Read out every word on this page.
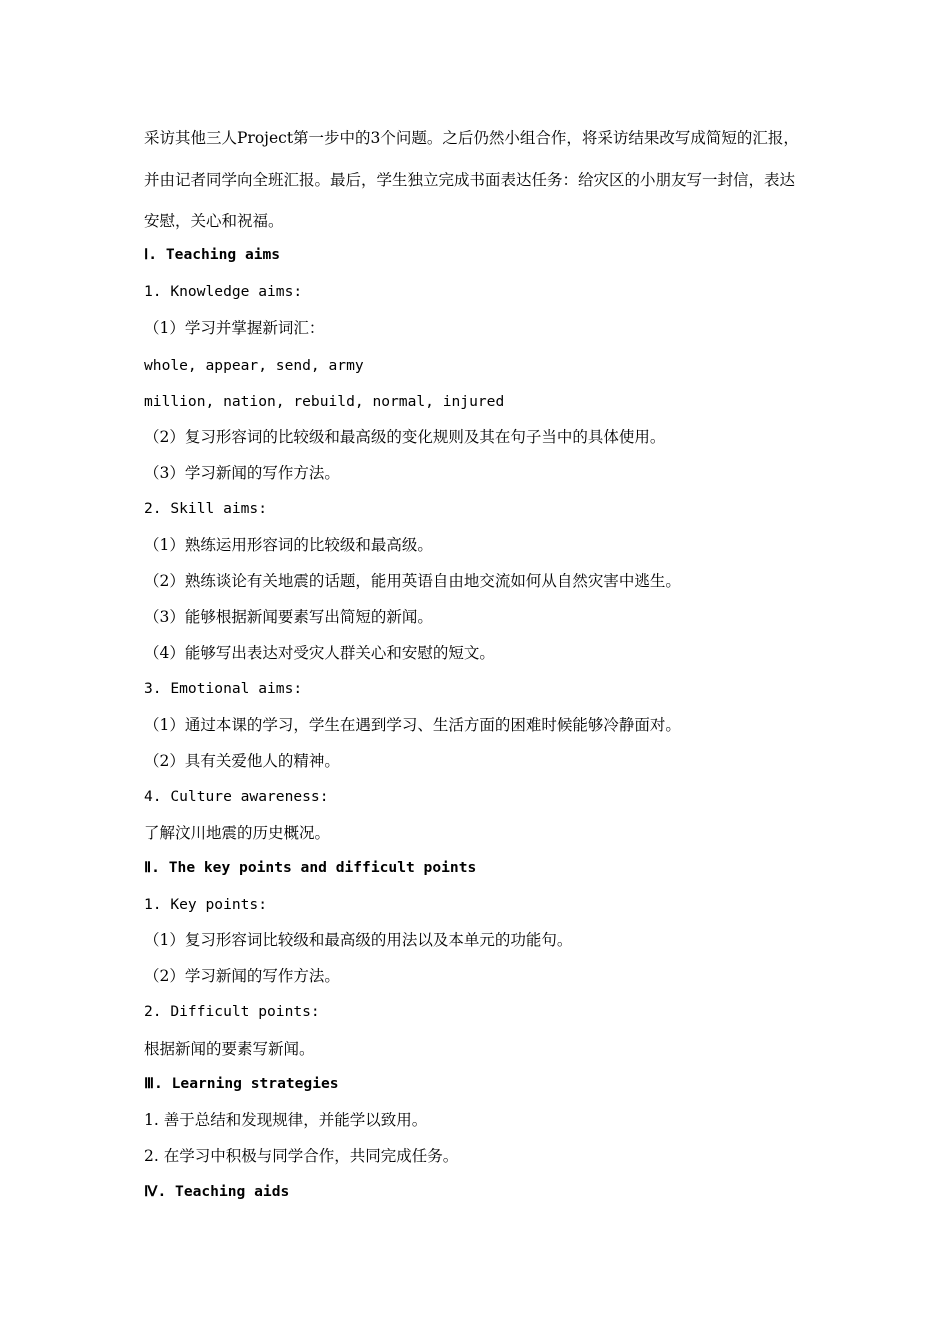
采访其他三人Project第一步中的3个问题。之后仍然小组合作，将采访结果改写成简短的汇报，并由记者同学向全班汇报。最后，学生独立完成书面表达任务：给灾区的小朋友写一封信，表达安慰，关心和祝福。

Ⅰ. Teaching aims

1. Knowledge aims:

（1）学习并掌握新词汇：

whole, appear, send, army

million, nation, rebuild, normal, injured

（2）复习形容词的比较级和最高级的变化规则及其在句子当中的具体使用。

（3）学习新闻的写作方法。

2. Skill aims:

（1）熟练运用形容词的比较级和最高级。

（2）熟练谈论有关地震的话题，能用英语自由地交流如何从自然灾害中逃生。

（3）能够根据新闻要素写出简短的新闻。

（4）能够写出表达对受灾人群关心和安慰的短文。

3. Emotional aims:

（1）通过本课的学习，学生在遇到学习、生活方面的困难时候能够冷静面对。

（2）具有关爱他人的精神。

4. Culture awareness:

了解汶川地震的历史概况。

Ⅱ. The key points and difficult points

1. Key points:

（1）复习形容词比较级和最高级的用法以及本单元的功能句。

（2）学习新闻的写作方法。

2. Difficult points:

根据新闻的要素写新闻。

Ⅲ. Learning strategies

1. 善于总结和发现规律，并能学以致用。

2. 在学习中积极与同学合作，共同完成任务。

Ⅳ. Teaching aids
